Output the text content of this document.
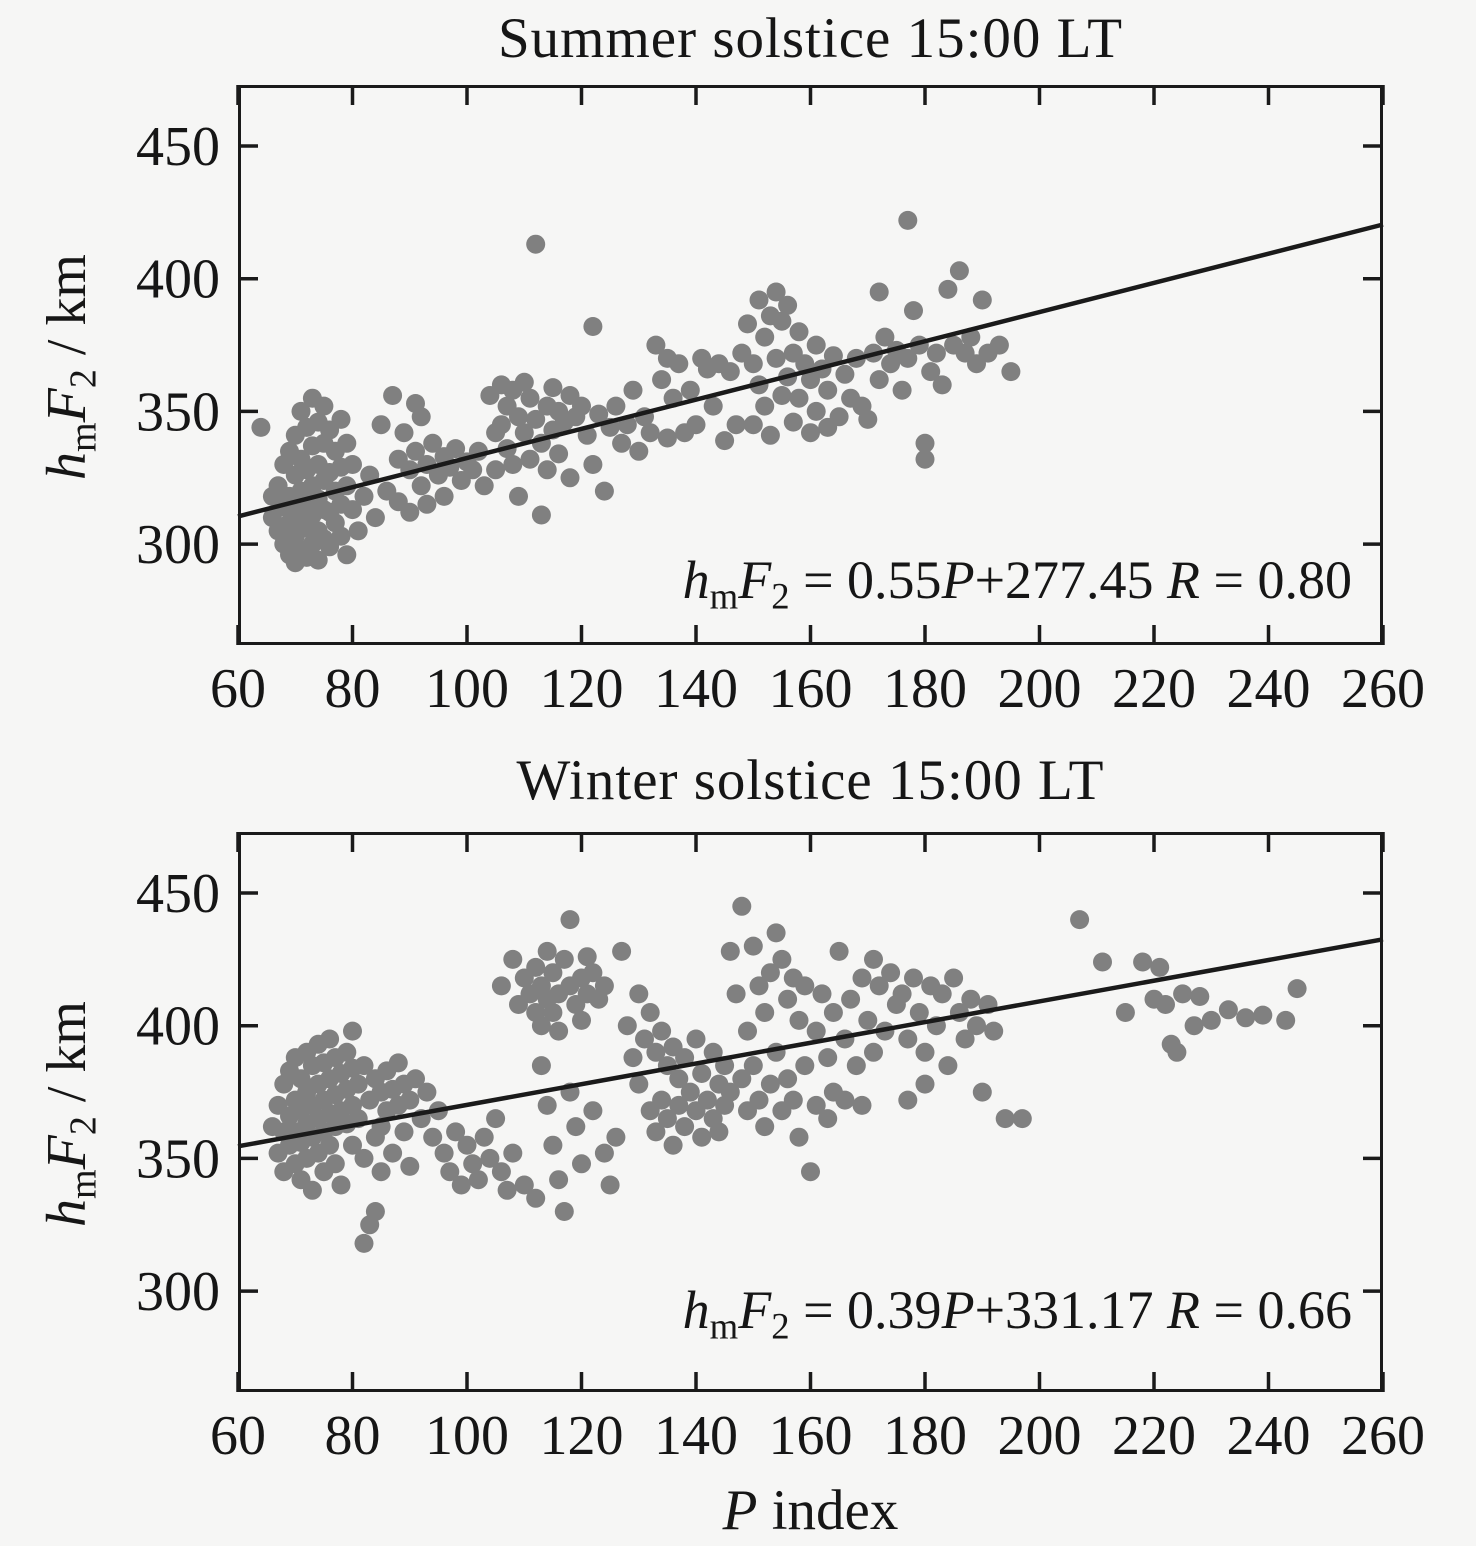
Summer solstice 15:00 LT
60 80 100 120 140 160 180 200 220 240 260
300
350
400
450
hmF2 / km
hmF2 = 0.55P+277.45 R = 0.80
Winter solstice 15:00 LT
60 80 100 120 140 160 180 200 220 240 260
300
350
400
450
hmF2 / km
hmF2 = 0.39P+331.17 R = 0.66
P index
